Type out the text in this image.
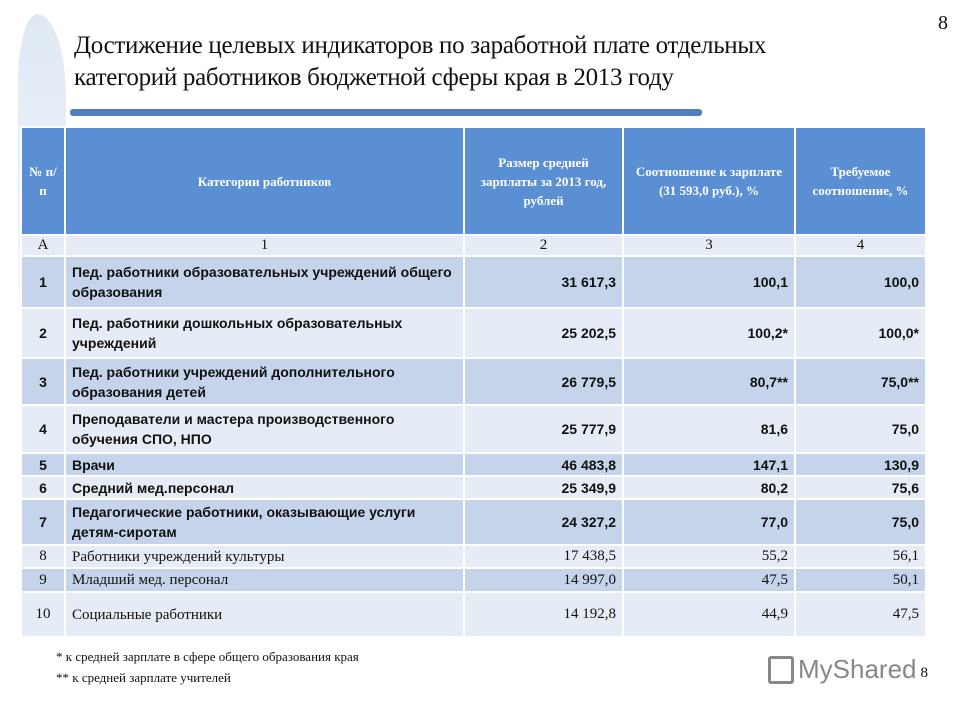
8
Достижение целевых индикаторов по заработной плате отдельных категорий работников бюджетной сферы края в 2013 году
№ п/п	Категории работников	Размер средней зарплаты за 2013 год, рублей	Соотношение к зарплате (31 593,0 руб.), %	Требуемое соотношение, %
А	1	2	3	4
1	Пед. работники образовательных учреждений общего образования	31 617,3	100,1	100,0
2	Пед. работники дошкольных образовательных учреждений	25 202,5	100,2*	100,0*
3	Пед. работники учреждений дополнительного образования детей	26 779,5	80,7**	75,0**
4	Преподаватели и мастера производственного обучения СПО, НПО	25 777,9	81,6	75,0
5	Врачи	46 483,8	147,1	130,9
6	Средний мед.персонал	25 349,9	80,2	75,6
7	Педагогические работники, оказывающие услуги детям-сиротам	24 327,2	77,0	75,0
8	Работники учреждений культуры	17 438,5	55,2	56,1
9	Младший мед. персонал	14 997,0	47,5	50,1
10	Социальные работники	14 192,8	44,9	47,5
* к средней зарплате в сфере общего образования края
** к средней зарплате учителей	MyShared 8
